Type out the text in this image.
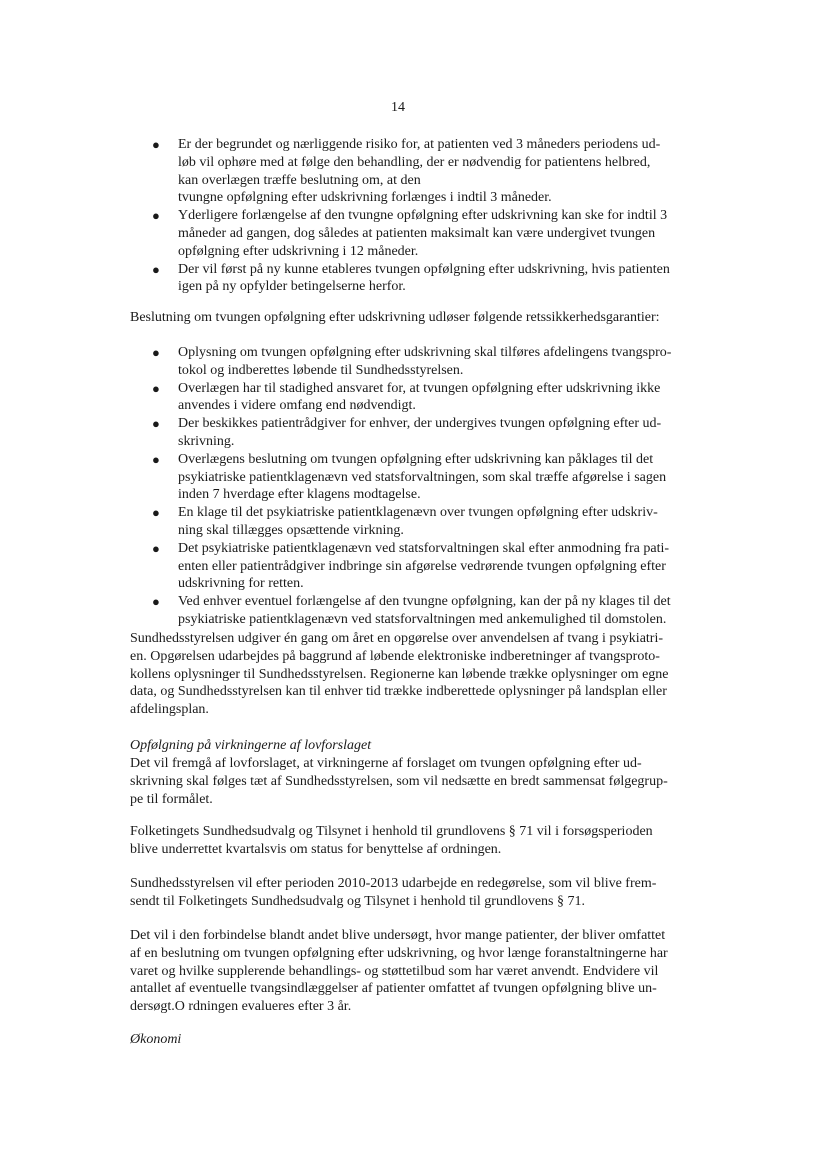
14
● Er der begrundet og nærliggende risiko for, at patienten ved 3 måneders periodens ud-
løb vil ophøre med at følge den behandling, der er nødvendig for patientens helbred,
kan overlægen træffe beslutning om, at den
tvungne opfølgning efter udskrivning forlænges i indtil 3 måneder.
● Yderligere forlængelse af den tvungne opfølgning efter udskrivning kan ske for indtil 3
måneder ad gangen, dog således at patienten maksimalt kan være undergivet tvungen
opfølgning efter udskrivning i 12 måneder.
● Der vil først på ny kunne etableres tvungen opfølgning efter udskrivning, hvis patienten
igen på ny opfylder betingelserne herfor.

Beslutning om tvungen opfølgning efter udskrivning udløser følgende retssikkerhedsgarantier:

● Oplysning om tvungen opfølgning efter udskrivning skal tilføres afdelingens tvangspro-
tokol og indberettes løbende til Sundhedsstyrelsen.
● Overlægen har til stadighed ansvaret for, at tvungen opfølgning efter udskrivning ikke
anvendes i videre omfang end nødvendigt.
● Der beskikkes patientrådgiver for enhver, der undergives tvungen opfølgning efter ud-
skrivning.
● Overlægens beslutning om tvungen opfølgning efter udskrivning kan påklages til det
psykiatriske patientklagenævn ved statsforvaltningen, som skal træffe afgørelse i sagen
inden 7 hverdage efter klagens modtagelse.
● En klage til det psykiatriske patientklagenævn over tvungen opfølgning efter udskriv-
ning skal tillægges opsættende virkning.
● Det psykiatriske patientklagenævn ved statsforvaltningen skal efter anmodning fra pati-
enten eller patientrådgiver indbringe sin afgørelse vedrørende tvungen opfølgning efter
udskrivning for retten.
● Ved enhver eventuel forlængelse af den tvungne opfølgning, kan der på ny klages til det
psykiatriske patientklagenævn ved statsforvaltningen med ankemulighed til domstolen.

Sundhedsstyrelsen udgiver én gang om året en opgørelse over anvendelsen af tvang i psykiatri-
en. Opgørelsen udarbejdes på baggrund af løbende elektroniske indberetninger af tvangsproto-
kollens oplysninger til Sundhedsstyrelsen. Regionerne kan løbende trække oplysninger om egne
data, og Sundhedsstyrelsen kan til enhver tid trække indberettede oplysninger på landsplan eller
afdelingsplan.

Opfølgning på virkningerne af lovforslaget

Det vil fremgå af lovforslaget, at virkningerne af forslaget om tvungen opfølgning efter ud-
skrivning skal følges tæt af Sundhedsstyrelsen, som vil nedsætte en bredt sammensat følgegrup-
pe til formålet.

Folketingets Sundhedsudvalg og Tilsynet i henhold til grundlovens § 71 vil i forsøgsperioden
blive underrettet kvartalsvis om status for benyttelse af ordningen.

Sundhedsstyrelsen vil efter perioden 2010-2013 udarbejde en redegørelse, som vil blive frem-
sendt til Folketingets Sundhedsudvalg og Tilsynet i henhold til grundlovens § 71.

Det vil i den forbindelse blandt andet blive undersøgt, hvor mange patienter, der bliver omfattet
af en beslutning om tvungen opfølgning efter udskrivning, og hvor længe foranstaltningerne har
varet og hvilke supplerende behandlings- og støttetilbud som har været anvendt. Endvidere vil
antallet af eventuelle tvangsindlæggelser af patienter omfattet af tvungen opfølgning blive un-
dersøgt.O rdningen evalueres efter 3 år.

Økonomi
